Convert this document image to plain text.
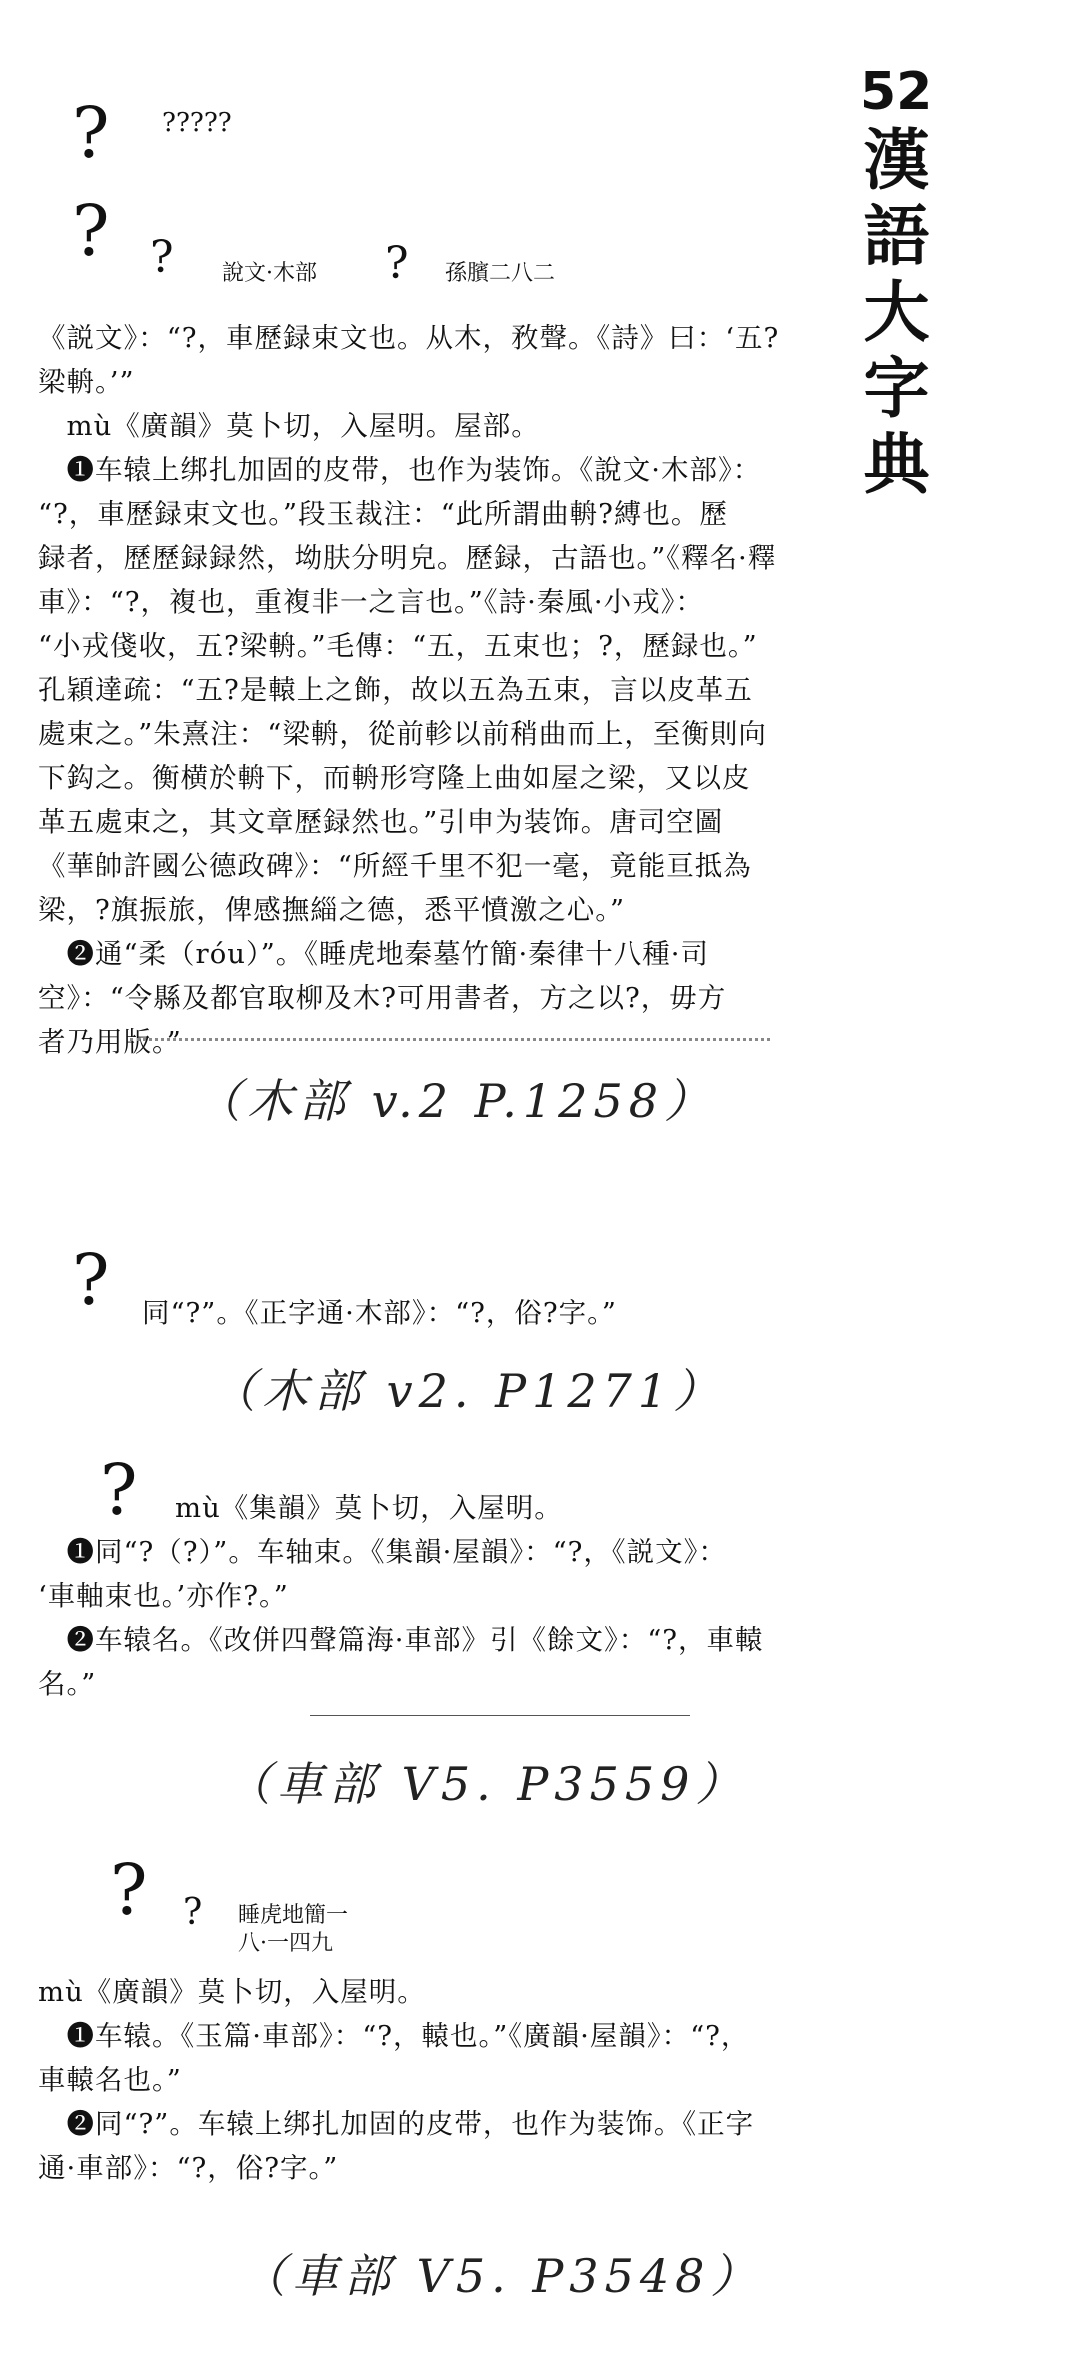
52
漢語大字典
? ?????
? ? 說文·木部 ? 孫臏二八二
《説文》：“?，車歷録束文也。从木，敄聲。《詩》曰：‘五?
梁輈。’”
　mù《廣韻》莫卜切，入屋明。屋部。
　❶车辕上绑扎加固的皮带，也作为装饰。《說文·木部》：
“?，車歷録束文也。”段玉裁注：“此所謂曲輈?縛也。歷
録者，歷歷録録然，坳肤分明皃。歷録，古語也。”《釋名·釋
車》：“?，複也，重複非一之言也。”《詩·秦風·小戎》：
“小戎俴收，五?梁輈。”毛傳：“五，五束也；?，歷録也。”
孔穎達疏：“五?是轅上之飾，故以五為五束，言以皮革五
處束之。”朱熹注：“梁輈，從前軫以前稍曲而上，至衡則向
下鈎之。衡横於輈下，而輈形穹隆上曲如屋之梁，又以皮
革五處束之，其文章歷録然也。”引申为装饰。唐司空圖
《華帥許國公德政碑》：“所經千里不犯一毫，竟能亘抵為
梁，?旗振旅，俾感撫緇之德，悉平憤激之心。”
　❷通“柔（róu）”。《睡虎地秦墓竹簡·秦律十八種·司
空》：“令縣及都官取柳及木?可用書者，方之以?，毋方
者乃用版。”
（木部 v.2 P.1258）
? 同“?”。《正字通·木部》：“?，俗?字。”
（木部 v2. P1271）
? mù《集韻》莫卜切，入屋明。
　❶同“?（?）”。车轴束。《集韻·屋韻》：“?，《説文》：
‘車軸束也。’亦作?。”
　❷车辕名。《改併四聲篇海·車部》引《餘文》：“?，車轅
名。”
（車部 V5. P3559）
? ? 睡虎地簡一
八·一四九
mù《廣韻》莫卜切，入屋明。
　❶车辕。《玉篇·車部》：“?，轅也。”《廣韻·屋韻》：“?，
車轅名也。”
　❷同“?”。车辕上绑扎加固的皮带，也作为装饰。《正字
通·車部》：“?，俗?字。”
（車部 V5. P3548）
